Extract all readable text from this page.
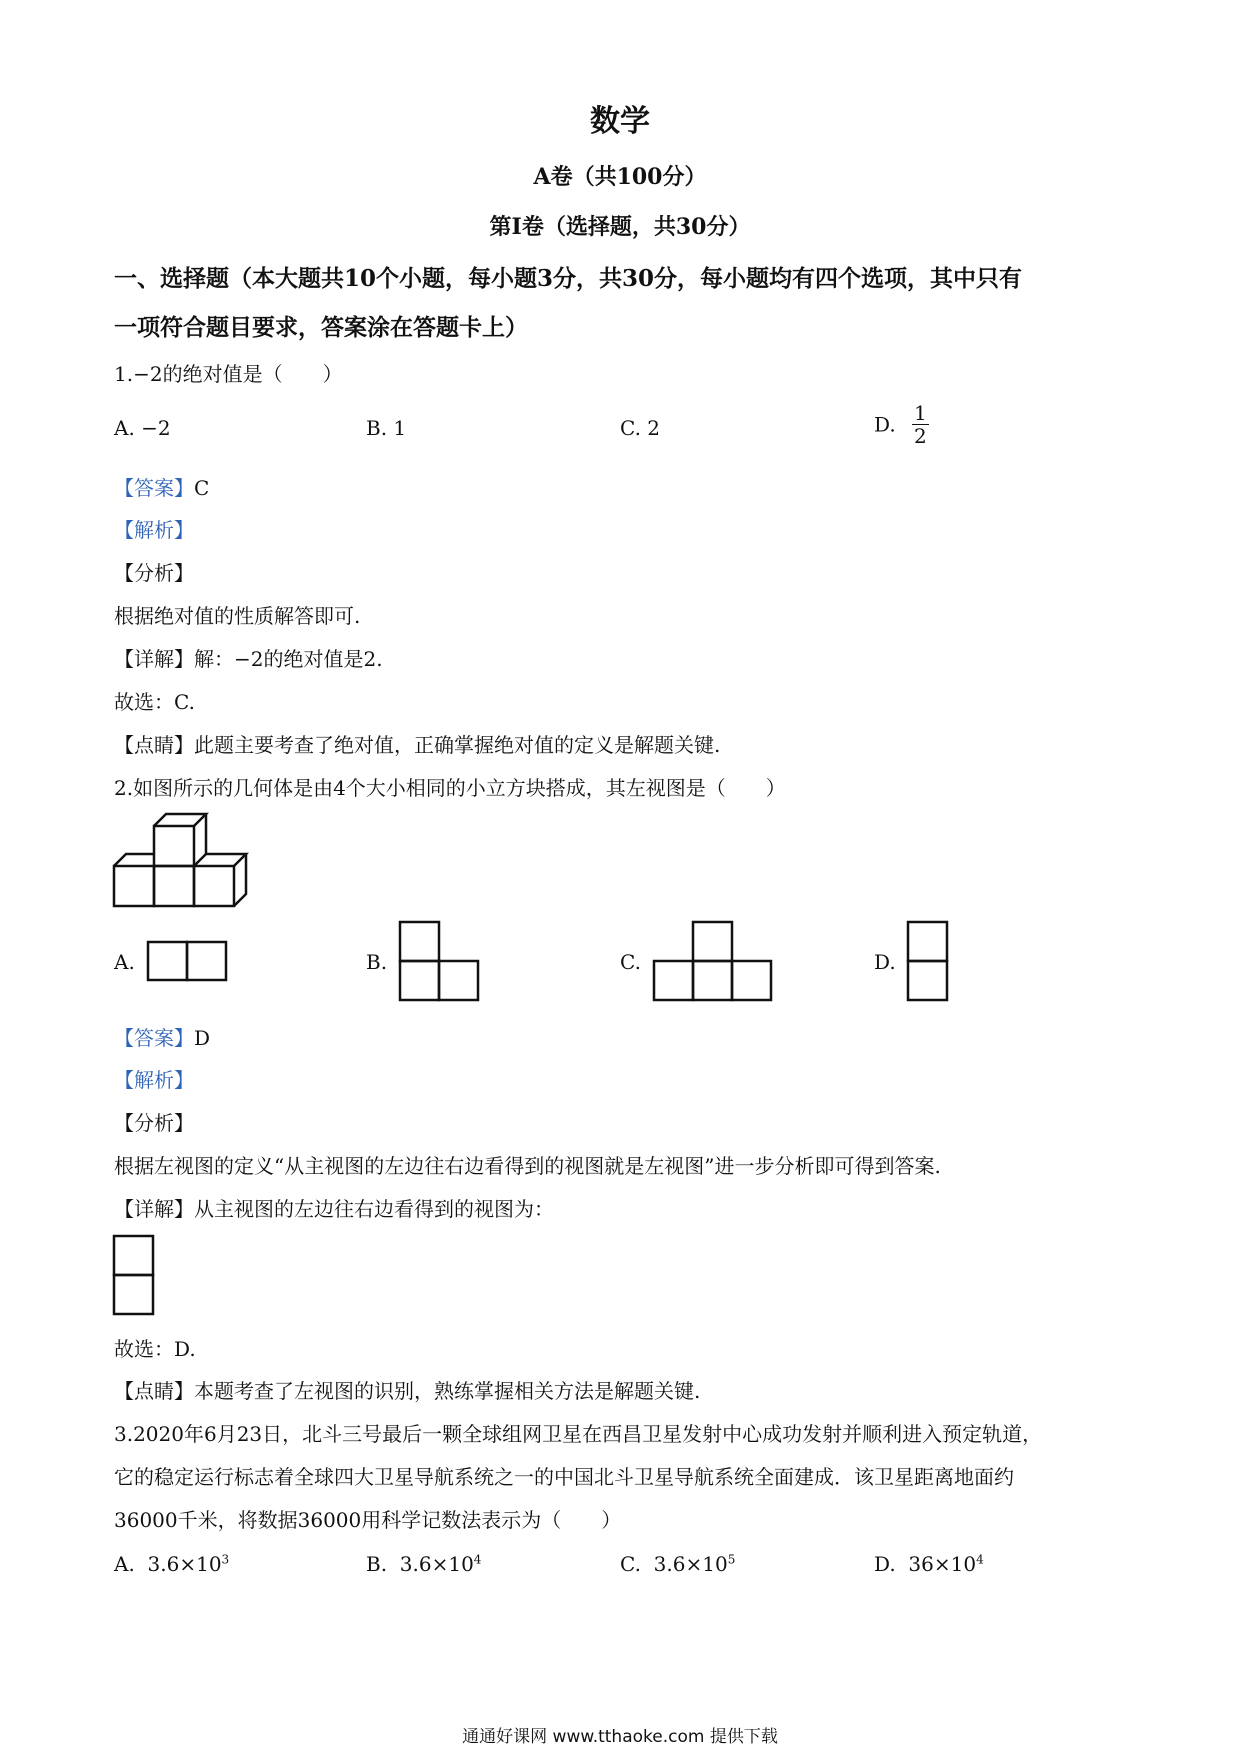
数学
A卷（共100分）
第Ⅰ卷（选择题，共30分）
一、选择题（本大题共10个小题，每小题3分，共30分，每小题均有四个选项，其中只有
一项符合题目要求，答案涂在答题卡上）
1.−2的绝对值是（　　）
A. −2	B. 1	C. 2	D. $\frac{1}{2}$
【答案】C
【解析】
【分析】
根据绝对值的性质解答即可.
【详解】解：−2的绝对值是2.
故选：C.
【点睛】此题主要考查了绝对值，正确掌握绝对值的定义是解题关键.
2.如图所示的几何体是由4个大小相同的小立方块搭成，其左视图是（　　）
A.	B.	C.	D.
【答案】D
【解析】
【分析】
根据左视图的定义“从主视图的左边往右边看得到的视图就是左视图”进一步分析即可得到答案.
【详解】从主视图的左边往右边看得到的视图为：
故选：D.
【点睛】本题考查了左视图的识别，熟练掌握相关方法是解题关键.
3.2020年6月23日，北斗三号最后一颗全球组网卫星在西昌卫星发射中心成功发射并顺利进入预定轨道，
它的稳定运行标志着全球四大卫星导航系统之一的中国北斗卫星导航系统全面建成．该卫星距离地面约
36000千米，将数据36000用科学记数法表示为（　　）
A. $3.6\times 10^3$	B. $3.6\times 10^4$	C. $3.6\times 10^5$	D. $36\times 10^4$
通通好课网 www.tthaoke.com 提供下载
